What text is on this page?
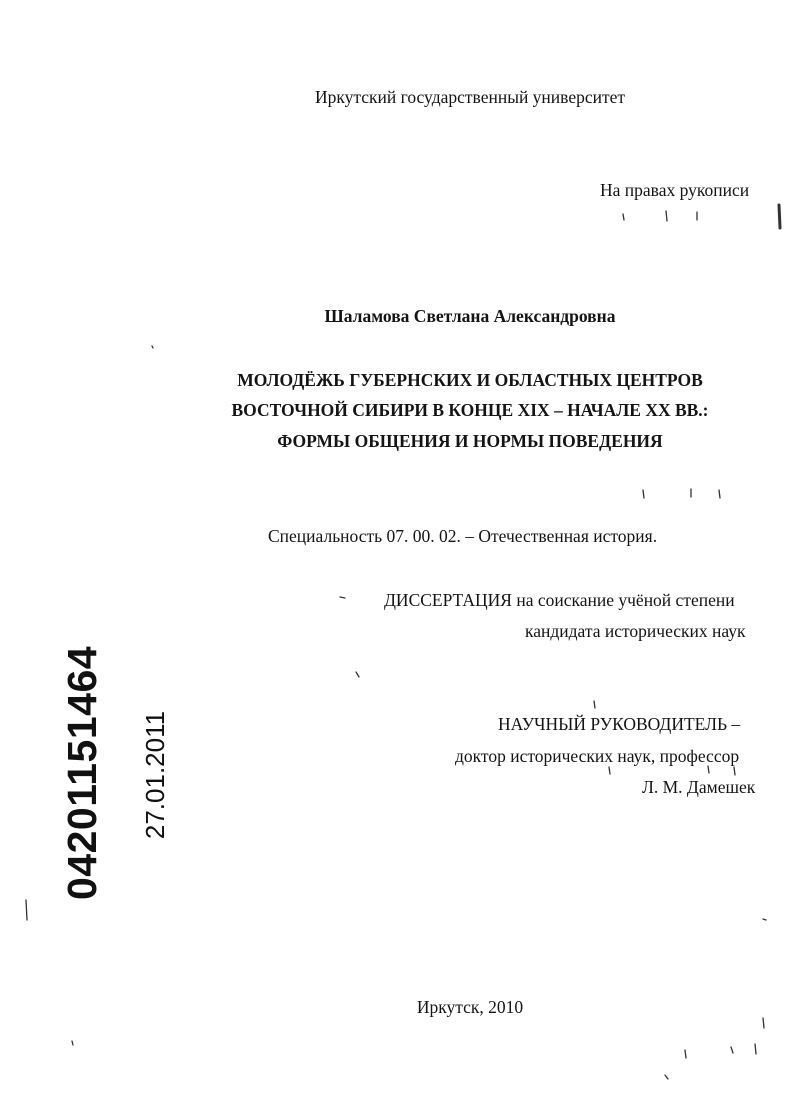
Иркутский государственный университет
На правах рукописи
Шаламова Светлана Александровна
МОЛОДЁЖЬ ГУБЕРНСКИХ И ОБЛАСТНЫХ ЦЕНТРОВ
ВОСТОЧНОЙ СИБИРИ В КОНЦЕ XIX – НАЧАЛЕ XX ВВ.:
ФОРМЫ ОБЩЕНИЯ И НОРМЫ ПОВЕДЕНИЯ
Специальность 07. 00. 02. – Отечественная история.
ДИССЕРТАЦИЯ на соискание учёной степени
кандидата исторических наук
НАУЧНЫЙ РУКОВОДИТЕЛЬ –
доктор исторических наук, профессор
Л. М. Дамешек
Иркутск, 2010
04201151464 27.01.2011
